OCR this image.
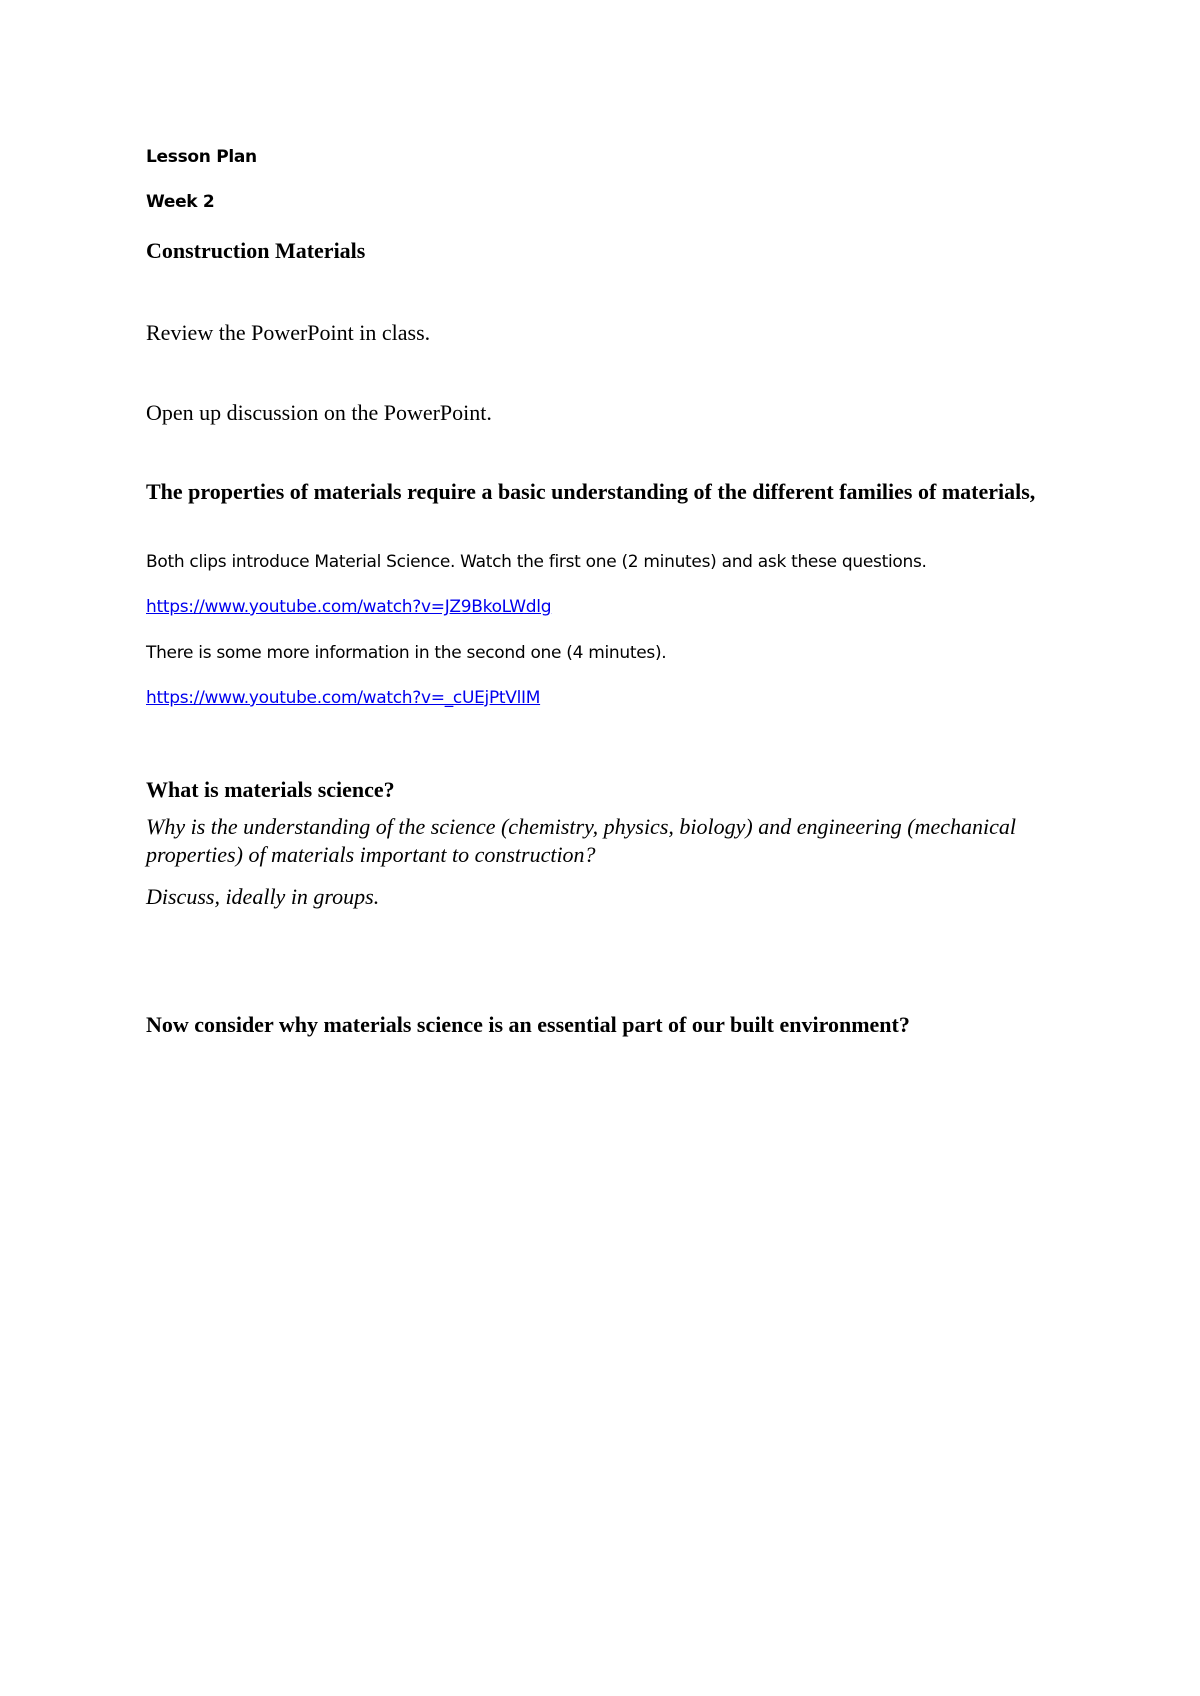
Lesson Plan

Week 2

Construction Materials

Review the PowerPoint in class.

Open up discussion on the PowerPoint.

The properties of materials require a basic understanding of the different families of materials,

Both clips introduce Material Science. Watch the first one (2 minutes) and ask these questions.

https://www.youtube.com/watch?v=JZ9BkoLWdlg

There is some more information in the second one (4 minutes).

https://www.youtube.com/watch?v=_cUEjPtVlIM

What is materials science?

Why is the understanding of the science (chemistry, physics, biology) and engineering (mechanical properties) of materials important to construction?

Discuss, ideally in groups.

Now consider why materials science is an essential part of our built environment?
